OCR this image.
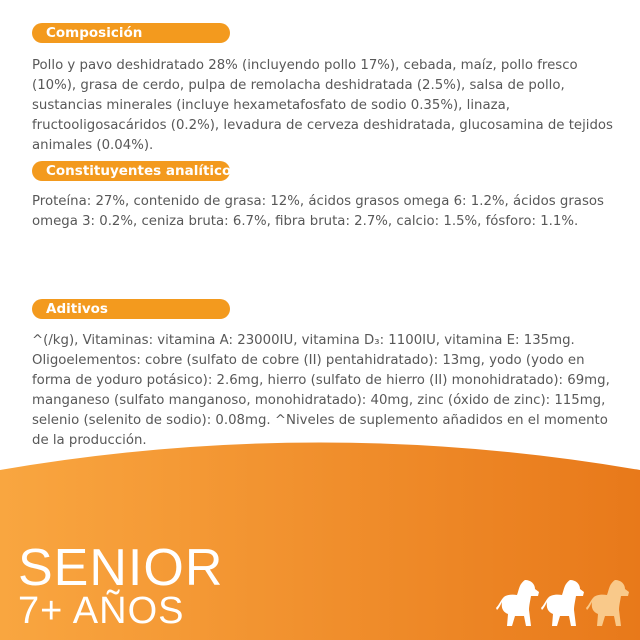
Composición
Pollo y pavo deshidratado 28% (incluyendo pollo 17%), cebada, maíz, pollo fresco (10%), grasa de cerdo, pulpa de remolacha deshidratada (2.5%), salsa de pollo, sustancias minerales (incluye hexametafosfato de sodio 0.35%), linaza, fructooligosacáridos (0.2%), levadura de cerveza deshidratada, glucosamina de tejidos animales (0.04%).
Constituyentes analíticos
Proteína: 27%, contenido de grasa: 12%, ácidos grasos omega 6: 1.2%, ácidos grasos omega 3: 0.2%, ceniza bruta: 6.7%, fibra bruta: 2.7%, calcio: 1.5%, fósforo: 1.1%.
Aditivos
^(/kg), Vitaminas: vitamina A: 23000IU, vitamina D₃: 1100IU, vitamina E: 135mg. Oligoelementos: cobre (sulfato de cobre (II) pentahidratado): 13mg, yodo (yodo en forma de yoduro potásico): 2.6mg, hierro (sulfato de hierro (II) monohidratado): 69mg, manganeso (sulfato manganoso, monohidratado): 40mg, zinc (óxido de zinc): 115mg, selenio (selenito de sodio): 0.08mg. ^Niveles de suplemento añadidos en el momento de la producción.
SENIOR
7+ AÑOS
